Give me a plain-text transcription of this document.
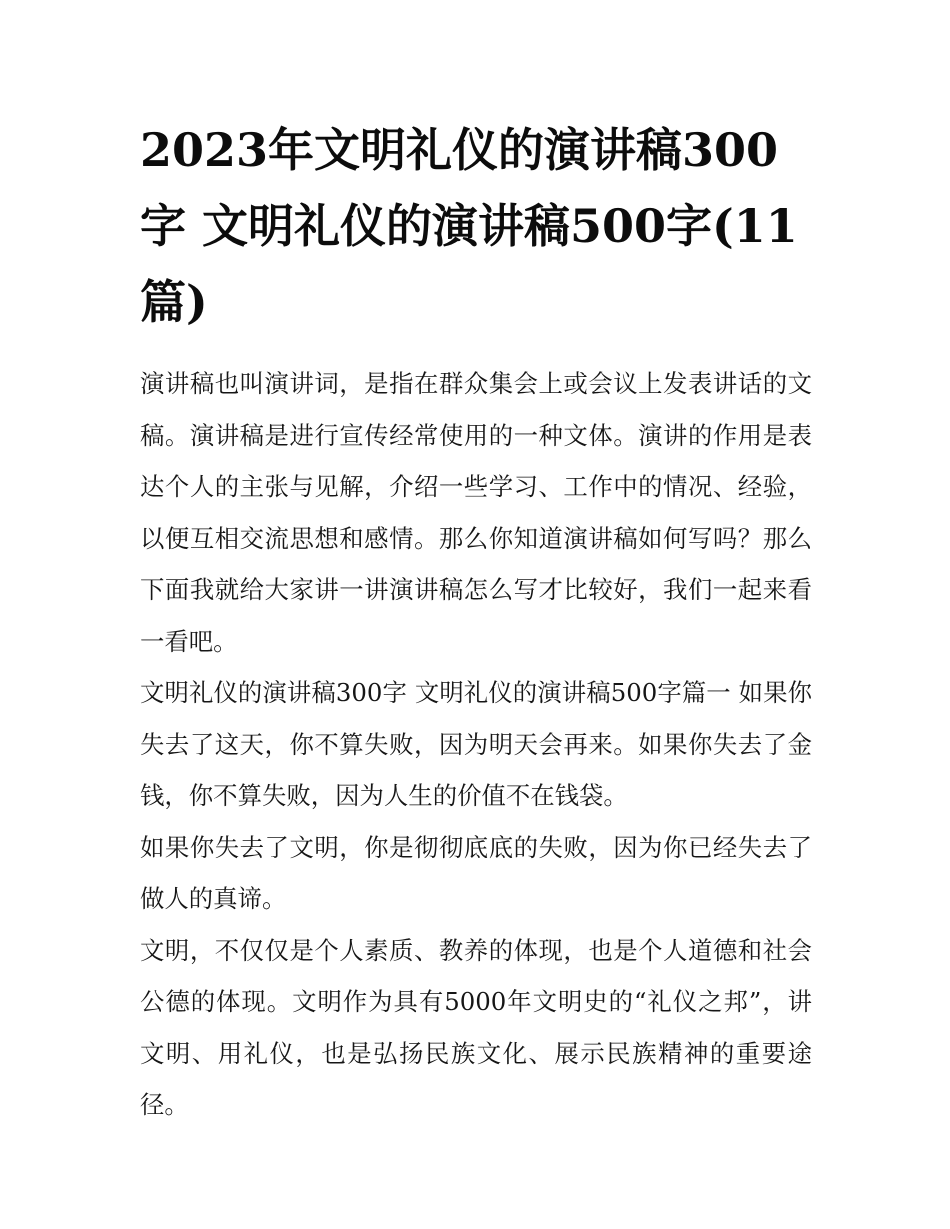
2023年文明礼仪的演讲稿300字 文明礼仪的演讲稿500字(11篇)

演讲稿也叫演讲词，是指在群众集会上或会议上发表讲话的文稿。演讲稿是进行宣传经常使用的一种文体。演讲的作用是表达个人的主张与见解，介绍一些学习、工作中的情况、经验，以便互相交流思想和感情。那么你知道演讲稿如何写吗？那么下面我就给大家讲一讲演讲稿怎么写才比较好，我们一起来看一看吧。

文明礼仪的演讲稿300字 文明礼仪的演讲稿500字篇一 如果你失去了这天，你不算失败，因为明天会再来。如果你失去了金钱，你不算失败，因为人生的价值不在钱袋。

如果你失去了文明，你是彻彻底底的失败，因为你已经失去了做人的真谛。

文明，不仅仅是个人素质、教养的体现，也是个人道德和社会公德的体现。文明作为具有5000年文明史的“礼仪之邦”，讲文明、用礼仪，也是弘扬民族文化、展示民族精神的重要途径。
